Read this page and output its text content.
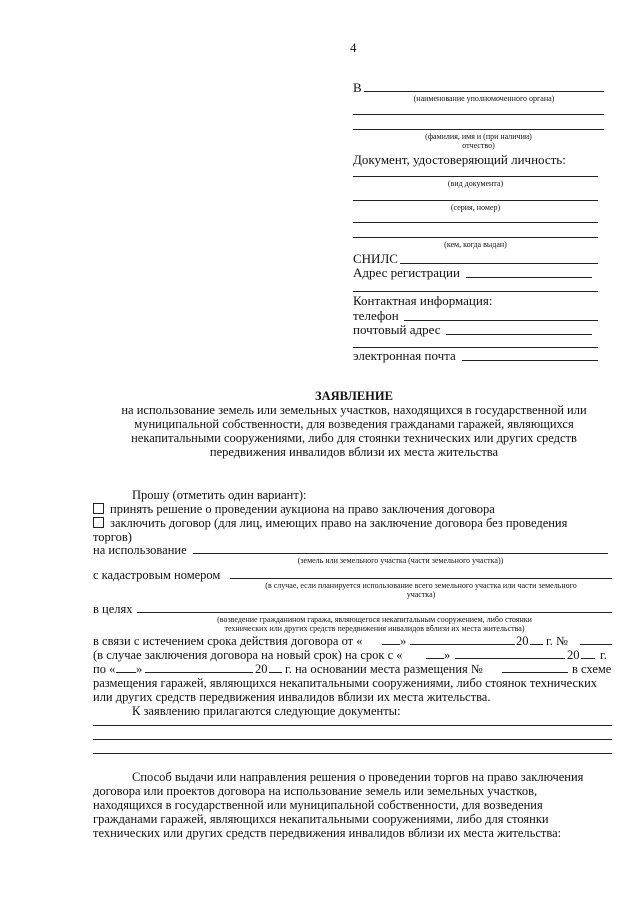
4
В
(наименование уполномоченного органа)
(фамилия, имя и (при наличии)
отчество)
Документ, удостоверяющий личность:
(вид документа)
(серия, номер)
(кем, когда выдан)
СНИЛС
Адрес регистрации
Контактная информация:
телефон
почтовый адрес
электронная почта
ЗАЯВЛЕНИЕ
на использование земель или земельных участков, находящихся в государственной или
муниципальной собственности, для возведения гражданами гаражей, являющихся
некапитальными сооружениями, либо для стоянки технических или других средств
передвижения инвалидов вблизи их места жительства
Прошу (отметить один вариант):
принять решение о проведении аукциона на право заключения договора
заключить договор (для лиц, имеющих право на заключение договора без проведения
торгов)
на использование
(земель или земельного участка (части земельного участка))
с кадастровым номером
(в случае, если планируется использование всего земельного участка или части земельного
участка)
в целях
(возведение гражданином гаража, являющегося некапитальным сооружением, либо стоянки
технических или других средств передвижения инвалидов вблизи их места жительства)
в связи с истечением срока действия договора от «	»	20 г. №
(в случае заключения договора на новый срок) на срок с «	»	20 г.
по « »	20 г. на основании места размещения №	в схеме
размещения гаражей, являющихся некапитальными сооружениями, либо стоянок технических
или других средств передвижения инвалидов вблизи их места жительства.
К заявлению прилагаются следующие документы:
Способ выдачи или направления решения о проведении торгов на право заключения
договора или проектов договора на использование земель или земельных участков,
находящихся в государственной или муниципальной собственности, для возведения
гражданами гаражей, являющихся некапитальными сооружениями, либо для стоянки
технических или других средств передвижения инвалидов вблизи их места жительства:
